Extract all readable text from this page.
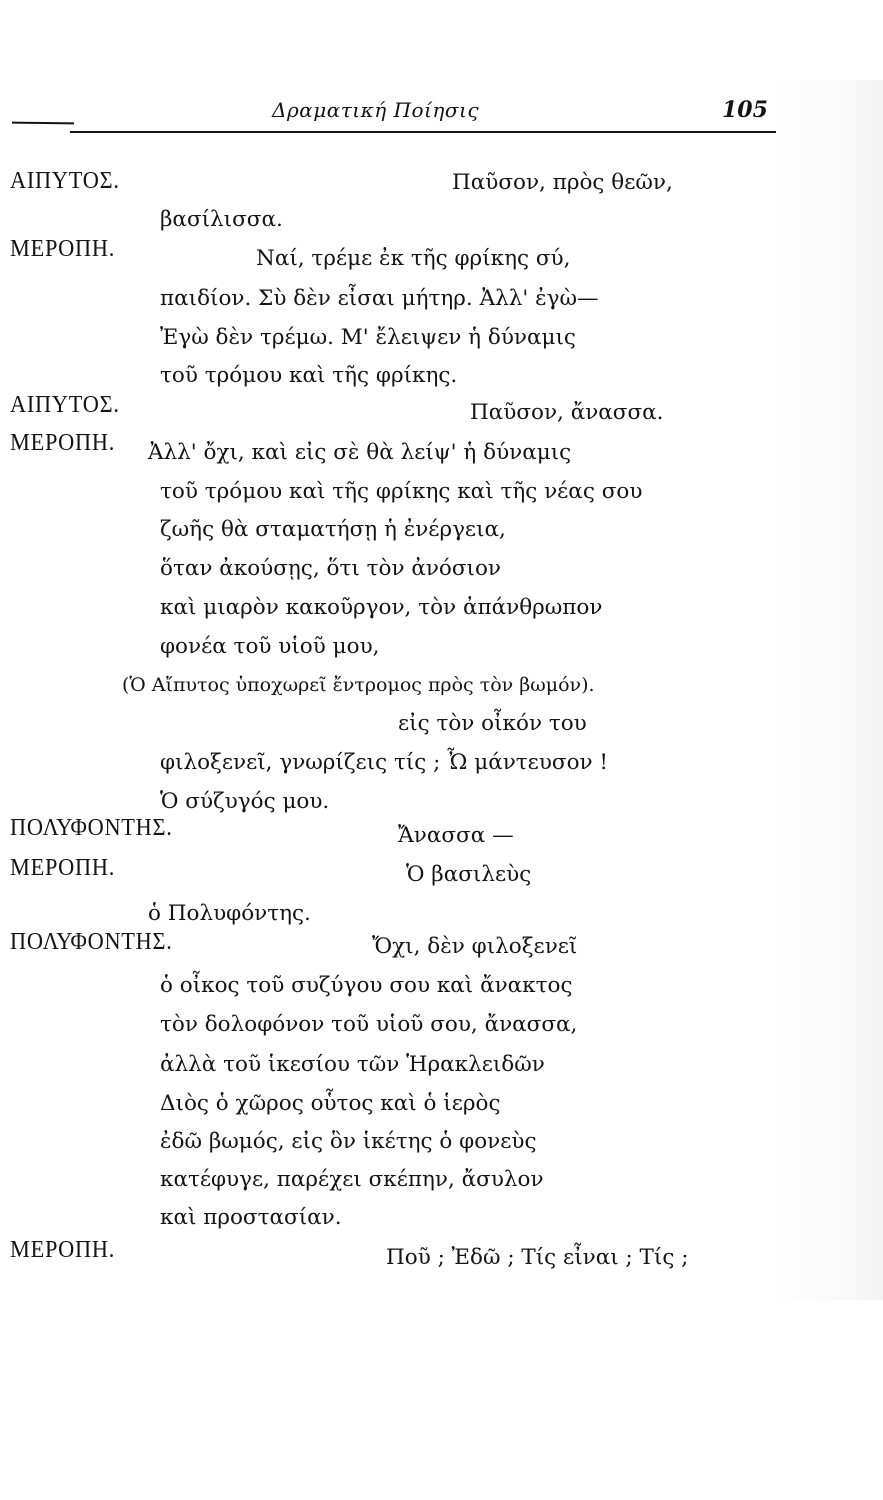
Δραματική Ποίησις	105
ΑΙΠΥΤΟΣ.
ΜΕΡΟΠΗ.
ΑΙΠΥΤΟΣ.
ΜΕΡΟΠΗ.
ΠΟΛΥΦΟΝΤΗΣ.
ΜΕΡΟΠΗ.
ΠΟΛΥΦΟΝΤΗΣ.
ΜΕΡΟΠΗ.
Παῦσον, πρὸς θεῶν,
βασίλισσα.
Ναί, τρέμε ἐκ τῆς φρίκης σύ,
παιδίον. Σὺ δὲν εἶσαι μήτηρ. Ἀλλ' ἐγὼ—
Ἐγὼ δὲν τρέμω. Μ' ἔλειψεν ἡ δύναμις
τοῦ τρόμου καὶ τῆς φρίκης.
Παῦσον, ἄνασσα.
Ἀλλ' ὄχι, καὶ εἰς σὲ θὰ λείψ' ἡ δύναμις
τοῦ τρόμου καὶ τῆς φρίκης καὶ τῆς νέας σου
ζωῆς θὰ σταματήσῃ ἡ ἐνέργεια,
ὅταν ἀκούσῃς, ὅτι τὸν ἀνόσιον
καὶ μιαρὸν κακοῦργον, τὸν ἀπάνθρωπον
φονέα τοῦ υἱοῦ μου,
(Ὁ Αἴπυτος ὑποχωρεῖ ἔντρομος πρὸς τὸν βωμόν).
εἰς τὸν οἶκόν του
φιλοξενεῖ, γνωρίζεις τίς ; Ὦ μάντευσον !
Ὁ σύζυγός μου.
Ἄνασσα —
Ὁ βασιλεὺς
ὁ Πολυφόντης.
Ὄχι, δὲν φιλοξενεῖ
ὁ οἶκος τοῦ συζύγου σου καὶ ἄνακτος
τὸν δολοφόνον τοῦ υἱοῦ σου, ἄνασσα,
ἀλλὰ τοῦ ἱκεσίου τῶν Ἡρακλειδῶν
Διὸς ὁ χῶρος οὗτος καὶ ὁ ἱερὸς
ἐδῶ βωμός, εἰς ὃν ἱκέτης ὁ φονεὺς
κατέφυγε, παρέχει σκέπην, ἄσυλον
καὶ προστασίαν.
Ποῦ ; Ἐδῶ ; Τίς εἶναι ; Τίς ;
